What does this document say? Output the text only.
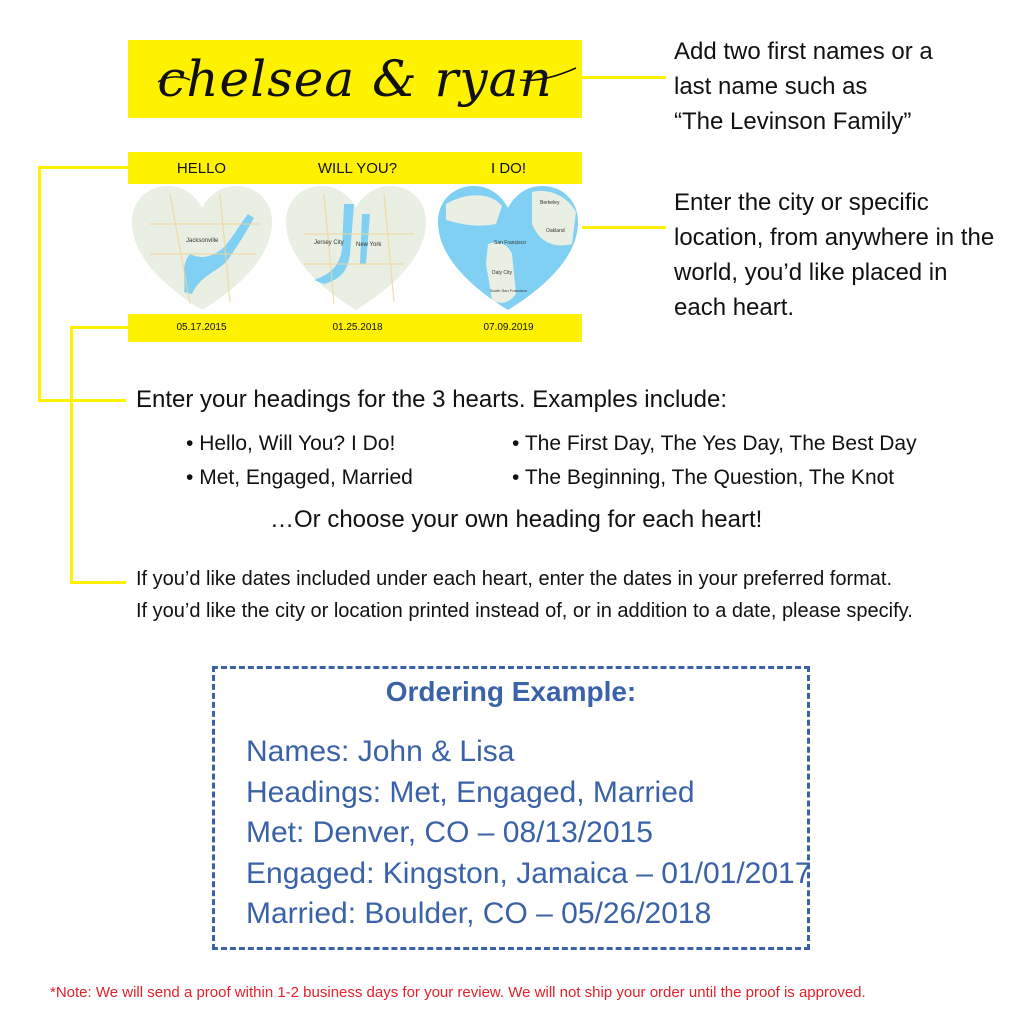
chelsea & ryan
HELLO	WILL YOU?	I DO!
Jacksonville	Jersey City New York
Berkeley
Oakland
San Francisco
Daly City
South San Francisco
05.17.2015	01.25.2018	07.09.2019
Add two first names or a
last name such as
“The Levinson Family”
Enter the city or specific
location, from anywhere in the
world, you’d like placed in
each heart.
Enter your headings for the 3 hearts. Examples include:
• Hello, Will You? I Do!
• Met, Engaged, Married
• The First Day, The Yes Day, The Best Day
• The Beginning, The Question, The Knot
…Or choose your own heading for each heart!
If you’d like dates included under each heart, enter the dates in your preferred format.
If you’d like the city or location printed instead of, or in addition to a date, please specify.
Ordering Example:
Names: John & Lisa
Headings: Met, Engaged, Married
Met: Denver, CO – 08/13/2015
Engaged: Kingston, Jamaica – 01/01/2017
Married: Boulder, CO – 05/26/2018
*Note: We will send a proof within 1-2 business days for your review. We will not ship your order until the proof is approved.
